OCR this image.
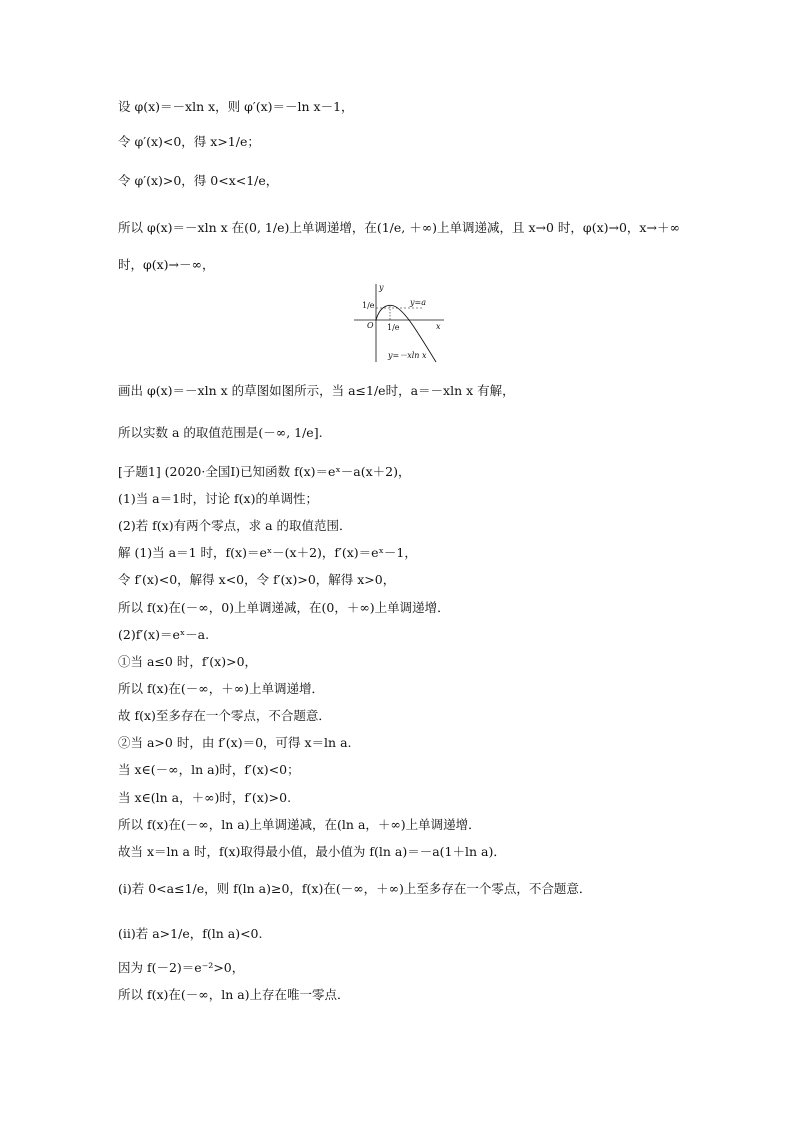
设 φ(x)＝－xln x，则 φ′(x)＝－ln x－1，
令 φ′(x)<0，得 x>1/e；
令 φ′(x)>0，得 0<x<1/e，
所以 φ(x)＝－xln x 在(0, 1/e)上单调递增，在(1/e, ＋∞)上单调递减，且 x→0 时，φ(x)→0，x→＋∞
时，φ(x)→－∞，
y
x
O
1/e
1/e
y=a
y=－xln x
画出 φ(x)＝－xln x 的草图如图所示，当 a≤1/e时，a＝－xln x 有解，
所以实数 a 的取值范围是(－∞, 1/e].
[子题1] (2020·全国Ⅰ)已知函数 f(x)＝eˣ－a(x＋2)，
(1)当 a＝1时，讨论 f(x)的单调性；
(2)若 f(x)有两个零点，求 a 的取值范围．
解 (1)当 a＝1 时，f(x)＝eˣ－(x＋2)，f′(x)＝eˣ－1，
令 f′(x)<0，解得 x<0，令 f′(x)>0，解得 x>0，
所以 f(x)在(－∞，0)上单调递减，在(0，＋∞)上单调递增．
(2)f′(x)＝eˣ－a.
①当 a≤0 时，f′(x)>0，
所以 f(x)在(－∞，＋∞)上单调递增．
故 f(x)至多存在一个零点，不合题意．
②当 a>0 时，由 f′(x)＝0，可得 x＝ln a.
当 x∈(－∞，ln a)时，f′(x)<0；
当 x∈(ln a，＋∞)时，f′(x)>0.
所以 f(x)在(－∞，ln a)上单调递减，在(ln a，＋∞)上单调递增．
故当 x＝ln a 时，f(x)取得最小值，最小值为 f(ln a)＝－a(1＋ln a)．
(ⅰ)若 0<a≤1/e，则 f(ln a)≥0，f(x)在(－∞，＋∞)上至多存在一个零点，不合题意．
(ⅱ)若 a>1/e，f(ln a)<0.
因为 f(－2)＝e⁻²>0，
所以 f(x)在(－∞，ln a)上存在唯一零点．
